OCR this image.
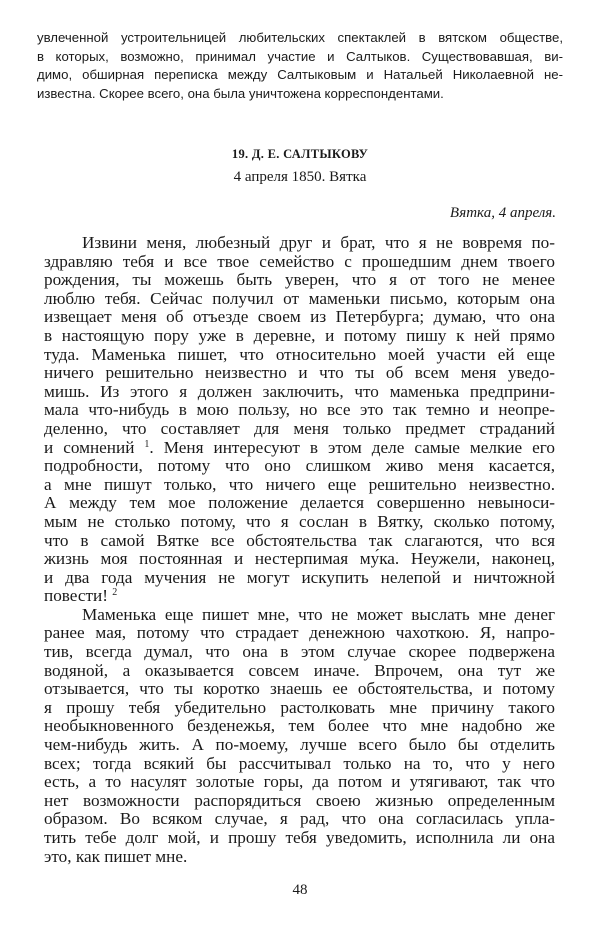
увлеченной устроительницей любительских спектаклей в вятском обществе,
в которых, возможно, принимал участие и Салтыков. Существовавшая, ви-
димо, обширная переписка между Салтыковым и Натальей Николаевной не-
известна. Скорее всего, она была уничтожена корреспондентами.
19. Д. Е. САЛТЫКОВУ
4 апреля 1850. Вятка
Вятка, 4 апреля.
Извини меня, любезный друг и брат, что я не вовремя по-
здравляю тебя и все твое семейство с прошедшим днем твоего
рождения, ты можешь быть уверен, что я от того не менее
люблю тебя. Сейчас получил от маменьки письмо, которым она
извещает меня об отъезде своем из Петербурга; думаю, что она
в настоящую пору уже в деревне, и потому пишу к ней прямо
туда. Маменька пишет, что относительно моей участи ей еще
ничего решительно неизвестно и что ты об всем меня уведо-
мишь. Из этого я должен заключить, что маменька предприни-
мала что-нибудь в мою пользу, но все это так темно и неопре-
деленно, что составляет для меня только предмет страданий
и сомнений $^1$. Меня интересуют в этом деле самые мелкие его
подробности, потому что оно слишком живо меня касается,
а мне пишут только, что ничего еще решительно неизвестно.
А между тем мое положение делается совершенно невыноси-
мым не столько потому, что я сослан в Вятку, сколько потому,
что в самой Вятке все обстоятельства так слагаются, что вся
жизнь моя постоянная и нестерпимая му́ка. Неужели, наконец,
и два года мучения не могут искупить нелепой и ничтожной
повести! $^2$
Маменька еще пишет мне, что не может выслать мне денег
ранее мая, потому что страдает денежною чахоткою. Я, напро-
тив, всегда думал, что она в этом случае скорее подвержена
водяной, а оказывается совсем иначе. Впрочем, она тут же
отзывается, что ты коротко знаешь ее обстоятельства, и потому
я прошу тебя убедительно растолковать мне причину такого
необыкновенного безденежья, тем более что мне надобно же
чем-нибудь жить. А по-моему, лучше всего было бы отделить
всех; тогда всякий бы рассчитывал только на то, что у него
есть, а то насулят золотые горы, да потом и утягивают, так что
нет возможности распорядиться своею жизнью определенным
образом. Во всяком случае, я рад, что она согласилась упла-
тить тебе долг мой, и прошу тебя уведомить, исполнила ли она
это, как пишет мне.
48
